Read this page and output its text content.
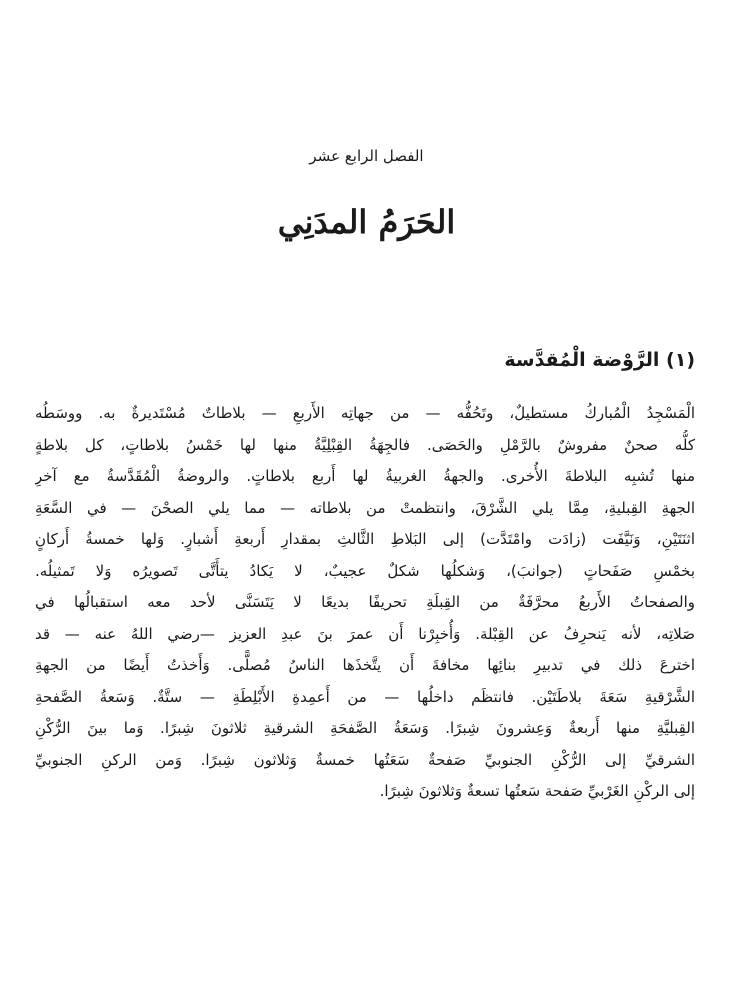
الفصل الرابع عشر
الحَرَمُ المدَنِي
(١) الرَّوْضة الْمُقدَّسة
الْمَسْجِدُ الْمُباركُ مستطيلٌ، وتَحُفُّه — من جهاتِه الأَربعِ — بلاطاتٌ مُسْتَديرةٌ به. ووسَطُه
كلُّه صحنٌ مفروشٌ بالرَّمْلِ والحَصَى. فالجِهَةُ القِبْلِيَّةُ منها لها خَمْسُ بلاطاتٍ، كل بلاطةٍ
منها تُشبِه البلاطةَ الأُخرى. والجهةُ الغربيةُ لها أَربع بلاطاتٍ. والروضةُ الْمُقَدَّسةُ مع آخرِ
الجهةِ القِبليةِ، مِمَّا يلي الشَّرْقَ، وانتظمتْ من بلاطاته — مما يلي الصحْنَ — في السَّعَةِ
اثنَتَيْنِ، وَنَيَّفَت (زادَت وامْتَدَّت) إلى البَلاطِ الثَّالثِ بمقدارِ أَربعةِ أَشبارٍ. وَلها خمسةُ أَركانٍ
بخمْسِ صَفَحاتٍ (جوانبَ)، وَشكلُها شكلٌ عجيبٌ، لا يَكادُ يتأَتَّى تَصويرُه وَلا تَمثيلُه.
والصفحاتُ الأَربعُ محرَّفَةٌ من القِبلَةِ تحريفًا بديعًا لا يَتَسَنَّى لأحد معه استقبالُها في
صَلاتِه، لأنه يَنحرِفُ عن القِبْلة. وَأُخبِرْنا أَن عمرَ بنَ عبدِ العزيز —رضي اللهُ عنه — قد
اخترعَ ذلك في تدبيرِ بنائِها مخافةَ أَن يتَّخذَها الناسُ مُصلًّى. وَأَخذتُ أَيضًا من الجهةِ
الشَّرْقيةِ سَعَةَ بلاطَتَيْن. فانتظَم داخلُها — من أَعمِدةِ الأَبْلِطَةِ — ستَّةٌ. وَسَعةُ الصَّفحةِ
القِبليَّةِ منها أَربعةٌ وَعِشرونَ شِبرًا. وَسَعَةُ الصَّفحَةِ الشرقيةِ ثلاثونَ شِبرًا. وَما بينَ الرُّكْنِ
الشرقيِّ إلى الرُّكْنِ الجنوبيِّ صَفحةٌ سَعَتُها خمسةٌ وَثلاثون شِبرًا. وَمن الركنِ الجنوبيِّ
إلى الركْنِ الغَرْبيِّ صَفحة سَعتُها تسعةٌ وَثلاثونَ شِبرًا.
